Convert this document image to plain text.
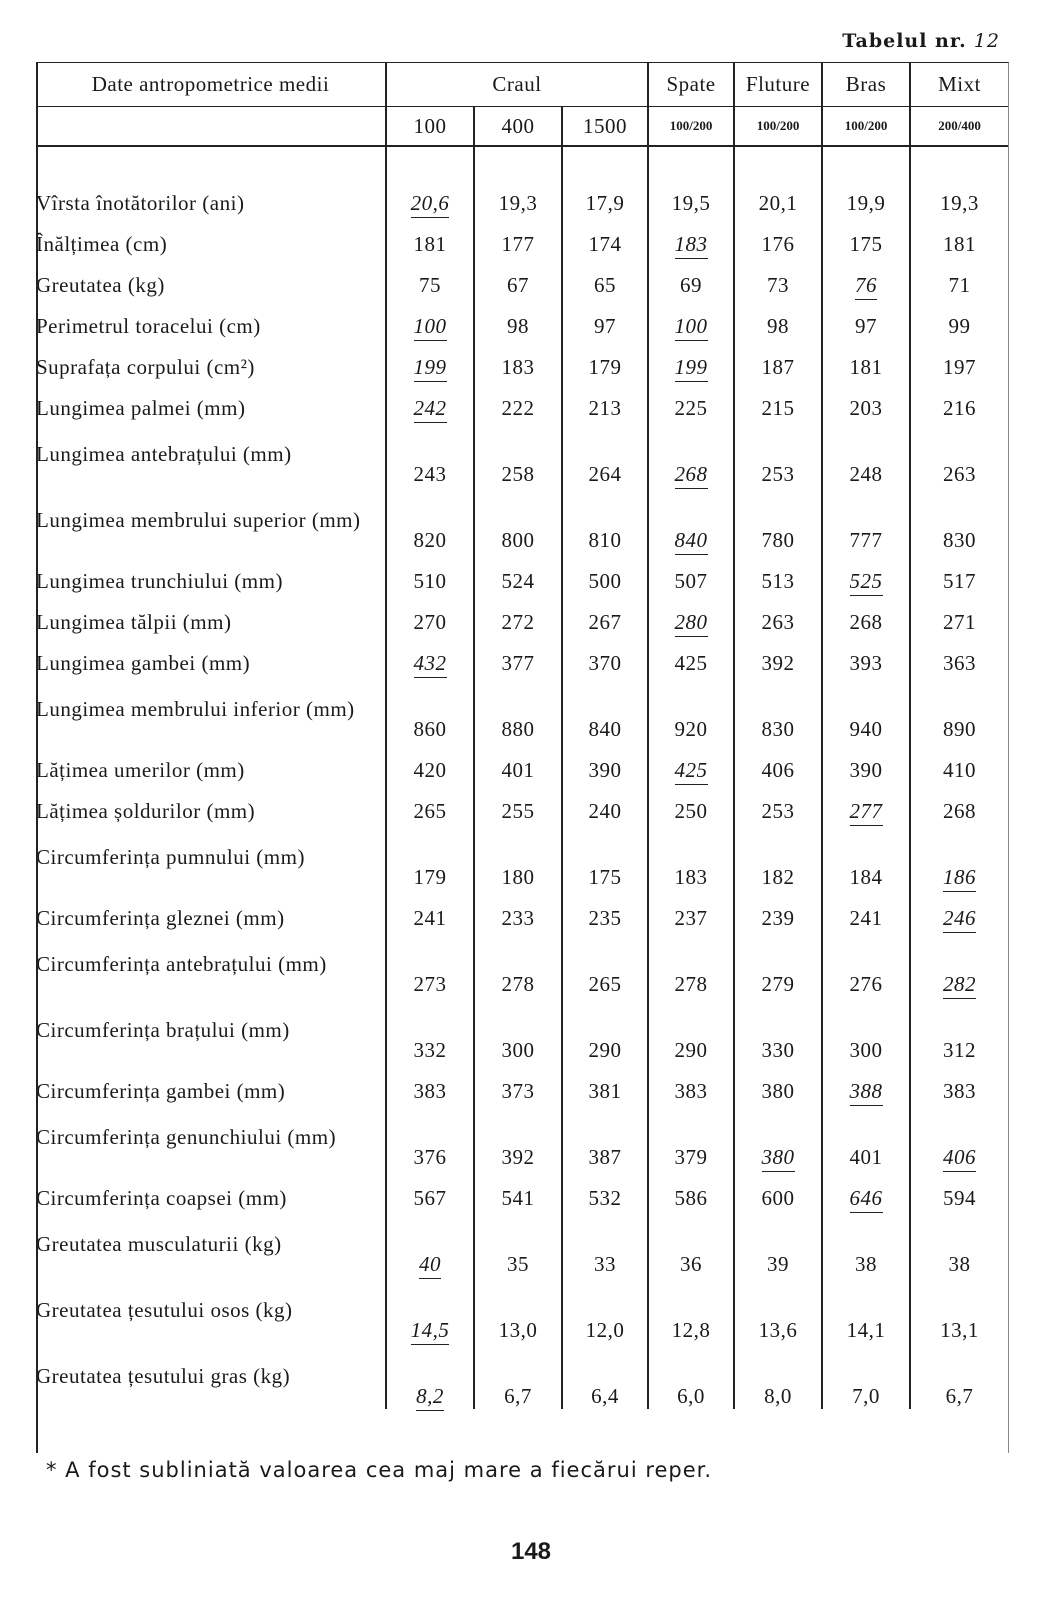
Tabelul nr. 12
Date antropometrice medii	Craul			Spate	Fluture	Bras	Mixt
	100	400	1500	100/200	100/200	100/200	200/400

Vîrsta înotătorilor (ani)	20,6	19,3	17,9	19,5	20,1	19,9	19,3
Înălțimea (cm)	181	177	174	183	176	175	181
Greutatea (kg)	75	67	65	69	73	76	71
Perimetrul toracelui (cm)	100	98	97	100	98	97	99
Suprafața corpului (cm²)	199	183	179	199	187	181	197
Lungimea palmei (mm)	242	222	213	225	215	203	216
Lungimea antebrațului (mm)	243	258	264	268	253	248	263
Lungimea membrului superior (mm)	820	800	810	840	780	777	830
Lungimea trunchiului (mm)	510	524	500	507	513	525	517
Lungimea tălpii (mm)	270	272	267	280	263	268	271
Lungimea gambei (mm)	432	377	370	425	392	393	363
Lungimea membrului inferior (mm)	860	880	840	920	830	940	890
Lățimea umerilor (mm)	420	401	390	425	406	390	410
Lățimea șoldurilor (mm)	265	255	240	250	253	277	268
Circumferința pumnului (mm)	179	180	175	183	182	184	186
Circumferința gleznei (mm)	241	233	235	237	239	241	246
Circumferința antebrațului (mm)	273	278	265	278	279	276	282
Circumferința brațului (mm)	332	300	290	290	330	300	312
Circumferința gambei (mm)	383	373	381	383	380	388	383
Circumferința genunchiului (mm)	376	392	387	379	380	401	406
Circumferința coapsei (mm)	567	541	532	586	600	646	594
Greutatea musculaturii (kg)	40	35	33	36	39	38	38
Greutatea țesutului osos (kg)	14,5	13,0	12,0	12,8	13,6	14,1	13,1
Greutatea țesutului gras (kg)	8,2	6,7	6,4	6,0	8,0	7,0	6,7
* A fost subliniată valoarea cea maj mare a fiecărui reper.
148
